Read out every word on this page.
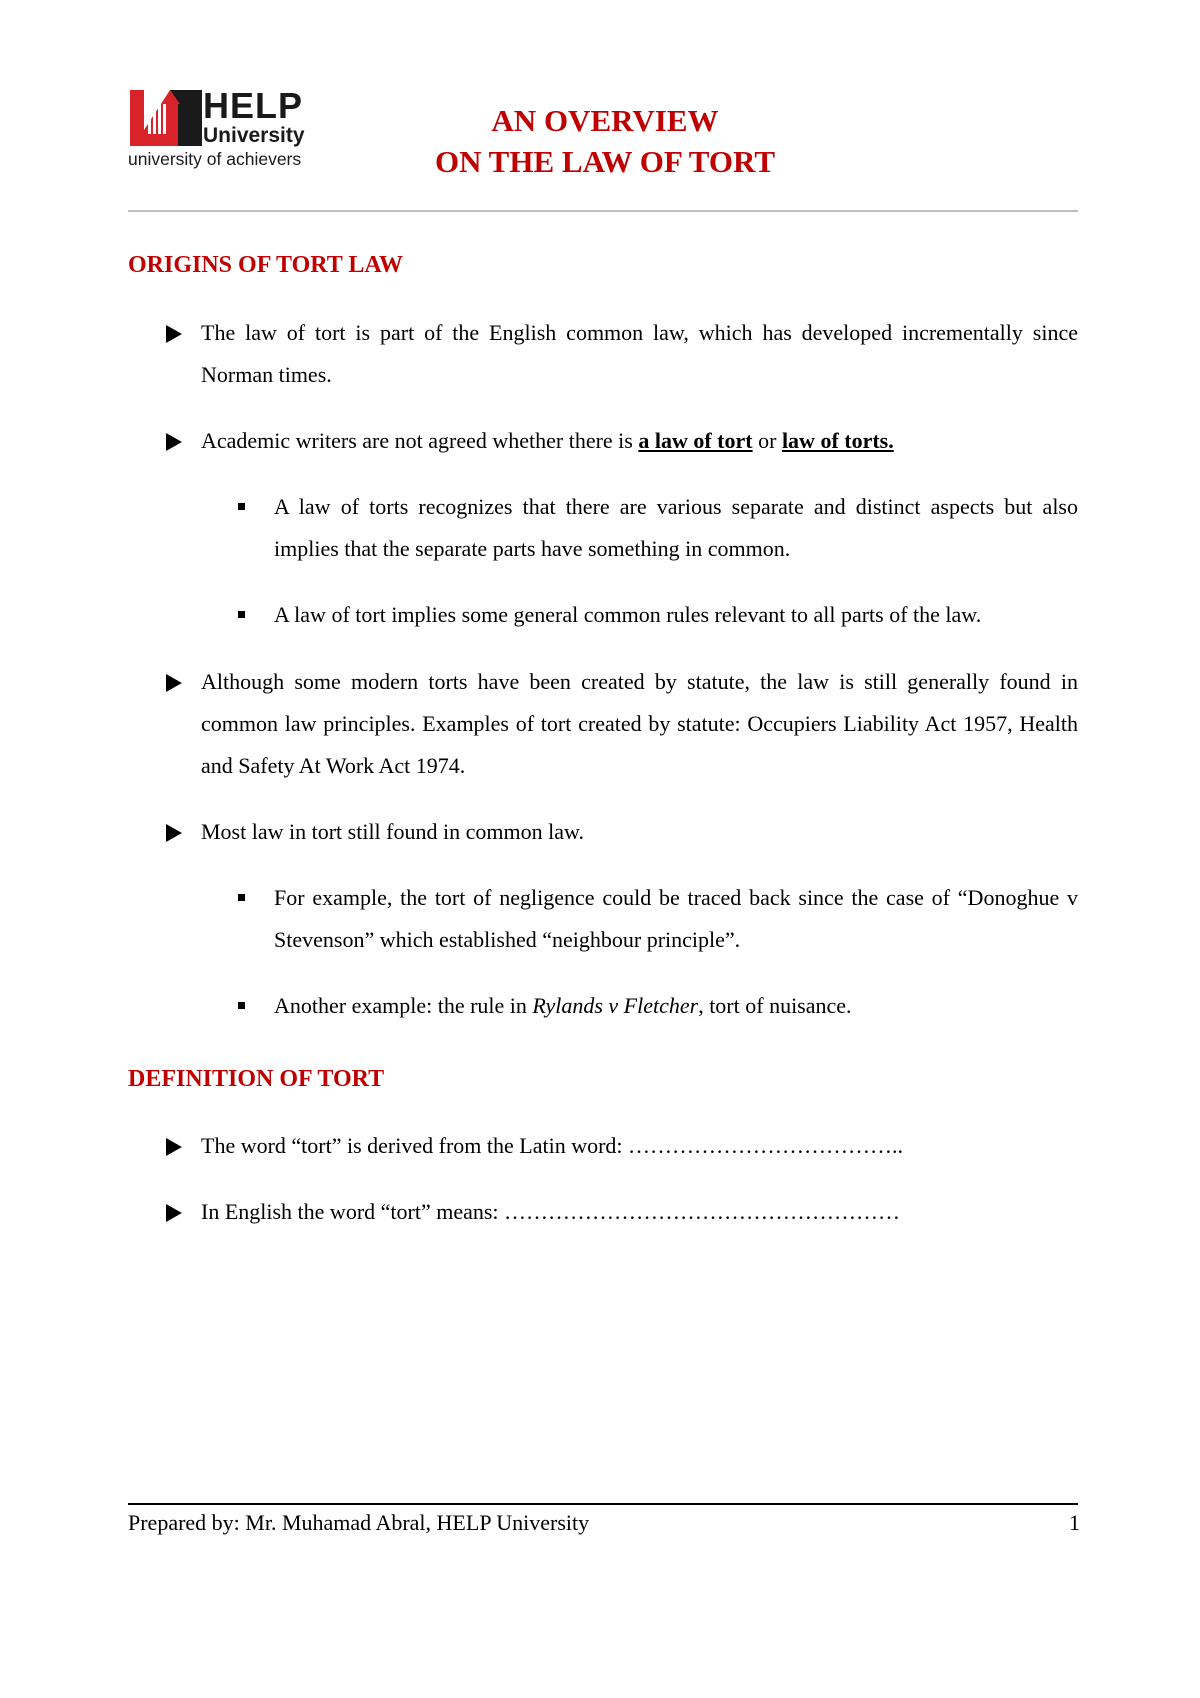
HELP
University
university of achievers
AN OVERVIEW
ON THE LAW OF TORT
ORIGINS OF TORT LAW
The law of tort is part of the English common law, which has developed incrementally since Norman times.
Academic writers are not agreed whether there is a law of tort or law of torts.
A law of torts recognizes that there are various separate and distinct aspects but also implies that the separate parts have something in common.
A law of tort implies some general common rules relevant to all parts of the law.
Although some modern torts have been created by statute, the law is still generally found in common law principles. Examples of tort created by statute: Occupiers Liability Act 1957, Health and Safety At Work Act 1974.
Most law in tort still found in common law.
For example, the tort of negligence could be traced back since the case of “Donoghue v Stevenson” which established “neighbour principle”.
Another example: the rule in Rylands v Fletcher, tort of nuisance.
DEFINITION OF TORT
The word “tort” is derived from the Latin word: ………………………………..
In English the word “tort” means: ………………………………………………
Prepared by: Mr. Muhamad Abral, HELP University	1
